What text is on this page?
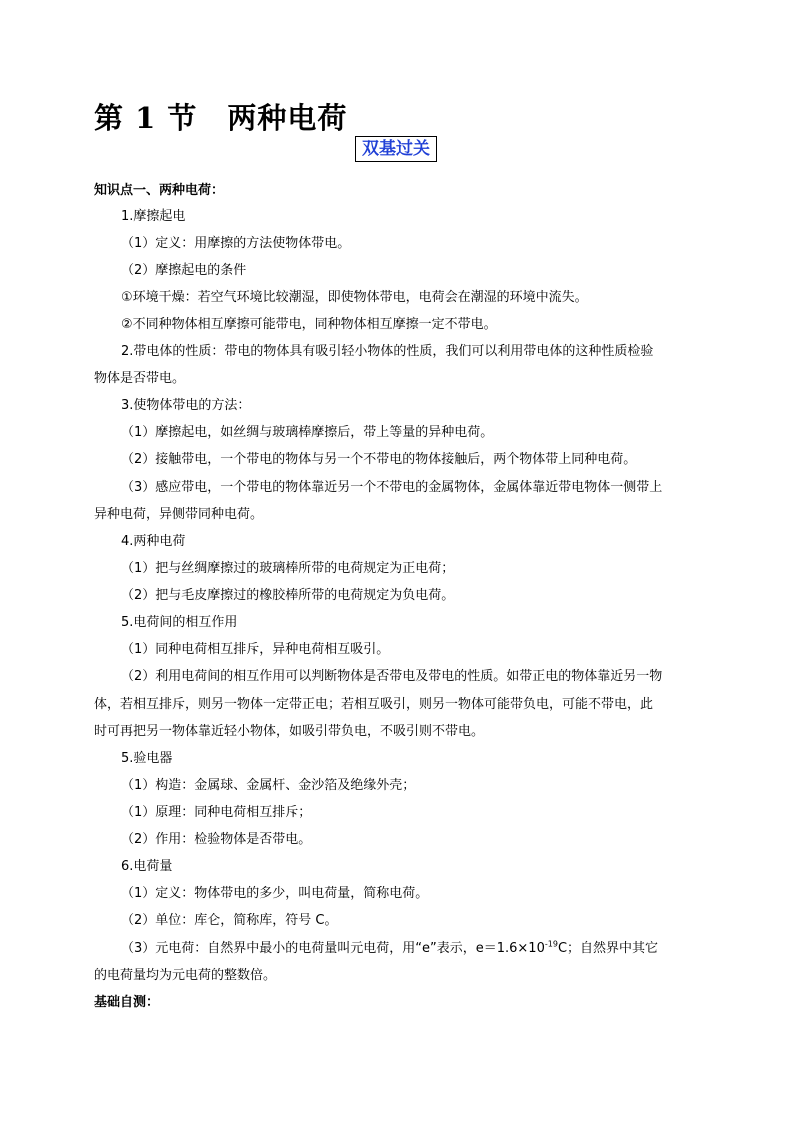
第 1 节 两种电荷
双基过关

知识点一、两种电荷：

1.摩擦起电

（1）定义：用摩擦的方法使物体带电。

（2）摩擦起电的条件

①环境干燥：若空气环境比较潮湿，即使物体带电，电荷会在潮湿的环境中流失。

②不同种物体相互摩擦可能带电，同种物体相互摩擦一定不带电。

2.带电体的性质：带电的物体具有吸引轻小物体的性质，我们可以利用带电体的这种性质检验

物体是否带电。

3.使物体带电的方法：

（1）摩擦起电，如丝绸与玻璃棒摩擦后，带上等量的异种电荷。

（2）接触带电，一个带电的物体与另一个不带电的物体接触后，两个物体带上同种电荷。

（3）感应带电，一个带电的物体靠近另一个不带电的金属物体，金属体靠近带电物体一侧带上

异种电荷，异侧带同种电荷。

4.两种电荷

（1）把与丝绸摩擦过的玻璃棒所带的电荷规定为正电荷；

（2）把与毛皮摩擦过的橡胶棒所带的电荷规定为负电荷。

5.电荷间的相互作用

（1）同种电荷相互排斥，异种电荷相互吸引。

（2）利用电荷间的相互作用可以判断物体是否带电及带电的性质。如带正电的物体靠近另一物

体，若相互排斥，则另一物体一定带正电；若相互吸引，则另一物体可能带负电，可能不带电，此

时可再把另一物体靠近轻小物体，如吸引带负电，不吸引则不带电。

5.验电器

（1）构造：金属球、金属杆、金沙箔及绝缘外壳；

（1）原理：同种电荷相互排斥；

（2）作用：检验物体是否带电。

6.电荷量

（1）定义：物体带电的多少，叫电荷量，简称电荷。

（2）单位：库仑，简称库，符号 C。

（3）元电荷：自然界中最小的电荷量叫元电荷，用“e”表示，$e=1.6\times 10^{-19}C$；自然界中其它

的电荷量均为元电荷的整数倍。

基础自测：
